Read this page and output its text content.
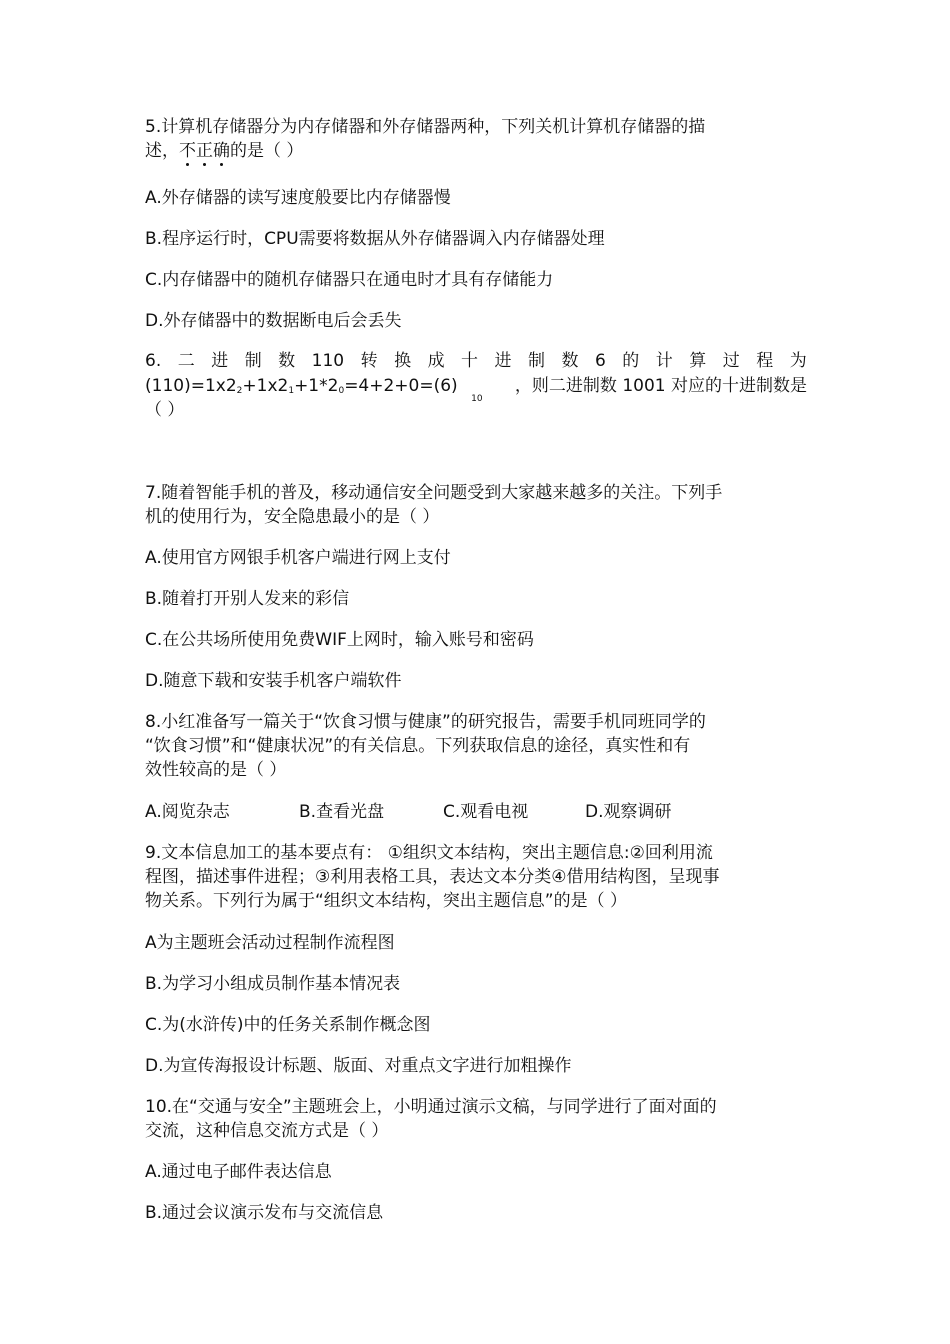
5.计算机存储器分为内存储器和外存储器两种，下列关机计算机存储器的描
述，不正确的是（ ）
A.外存储器的读写速度般要比内存储器慢
B.程序运行时，CPU需要将数据从外存储器调入内存储器处理
C.内存储器中的随机存储器只在通电时才具有存储能力
D.外存储器中的数据断电后会丢失
6. 二 进 制 数 110 转 换 成 十 进 制 数 6 的 计 算 过 程 为
(110)=1x22+1x21+1*20=4+2+0=(6) $_{10}$
，则二进制数 1001 对应的十进制数是
（ ）
7.随着智能手机的普及，移动通信安全问题受到大家越来越多的关注。下列手
机的使用行为，安全隐患最小的是（ ）
A.使用官方网银手机客户端进行网上支付
B.随着打开别人发来的彩信
C.在公共场所使用免费WIF上网时，输入账号和密码
D.随意下载和安装手机客户端软件
8.小红准备写一篇关于“饮食习惯与健康”的研究报告，需要手机同班同学的
“饮食习惯”和“健康状况”的有关信息。下列获取信息的途径，真实性和有
效性较高的是（ ）
A.阅览杂志	B.查看光盘	C.观看电视	D.观察调研
9.文本信息加工的基本要点有： ①组织文本结构，突出主题信息:②回利用流
程图，描述事件进程；③利用表格工具，表达文本分类④借用结构图，呈现事
物关系。下列行为属于“组织文本结构，突出主题信息”的是（ ）
A为主题班会活动过程制作流程图
B.为学习小组成员制作基本情况表
C.为(水浒传)中的任务关系制作概念图
D.为宣传海报设计标题、版面、对重点文字进行加粗操作
10.在“交通与安全”主题班会上，小明通过演示文稿，与同学进行了面对面的
交流，这种信息交流方式是（ ）
A.通过电子邮件表达信息
B.通过会议演示发布与交流信息
